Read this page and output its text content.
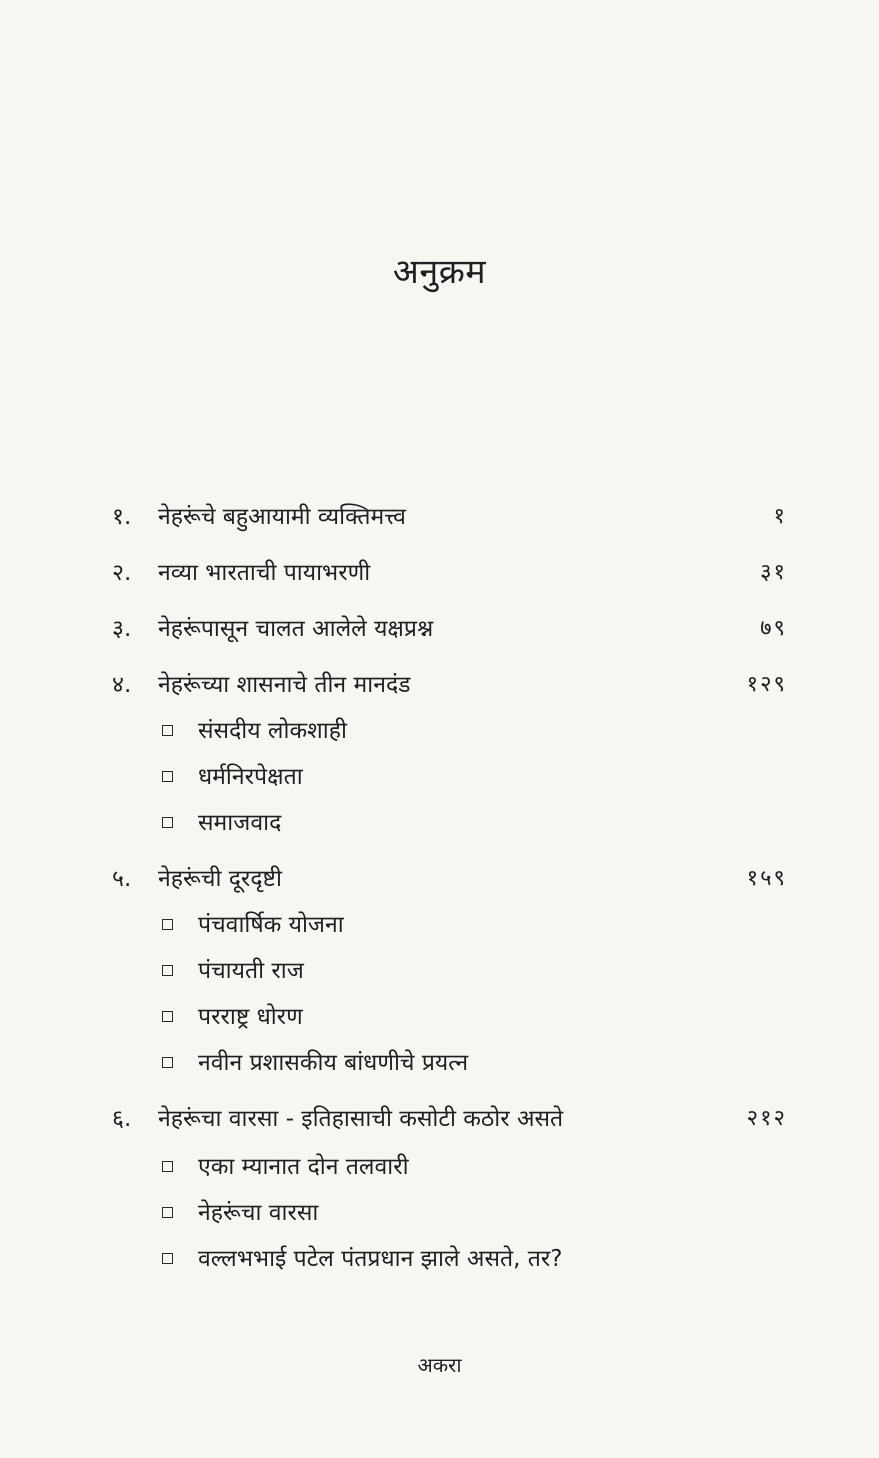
अनुक्रम
१. नेहरूंचे बहुआयामी व्यक्तिमत्त्व	१
२. नव्या भारताची पायाभरणी	३१
३. नेहरूंपासून चालत आलेले यक्षप्रश्न	७९
४. नेहरूंच्या शासनाचे तीन मानदंड	१२९
संसदीय लोकशाही
धर्मनिरपेक्षता
समाजवाद
५. नेहरूंची दूरदृष्टी	१५९
पंचवार्षिक योजना
पंचायती राज
परराष्ट्र धोरण
नवीन प्रशासकीय बांधणीचे प्रयत्न
६. नेहरूंचा वारसा - इतिहासाची कसोटी कठोर असते	२१२
एका म्यानात दोन तलवारी
नेहरूंचा वारसा
वल्लभभाई पटेल पंतप्रधान झाले असते, तर?
अकरा
